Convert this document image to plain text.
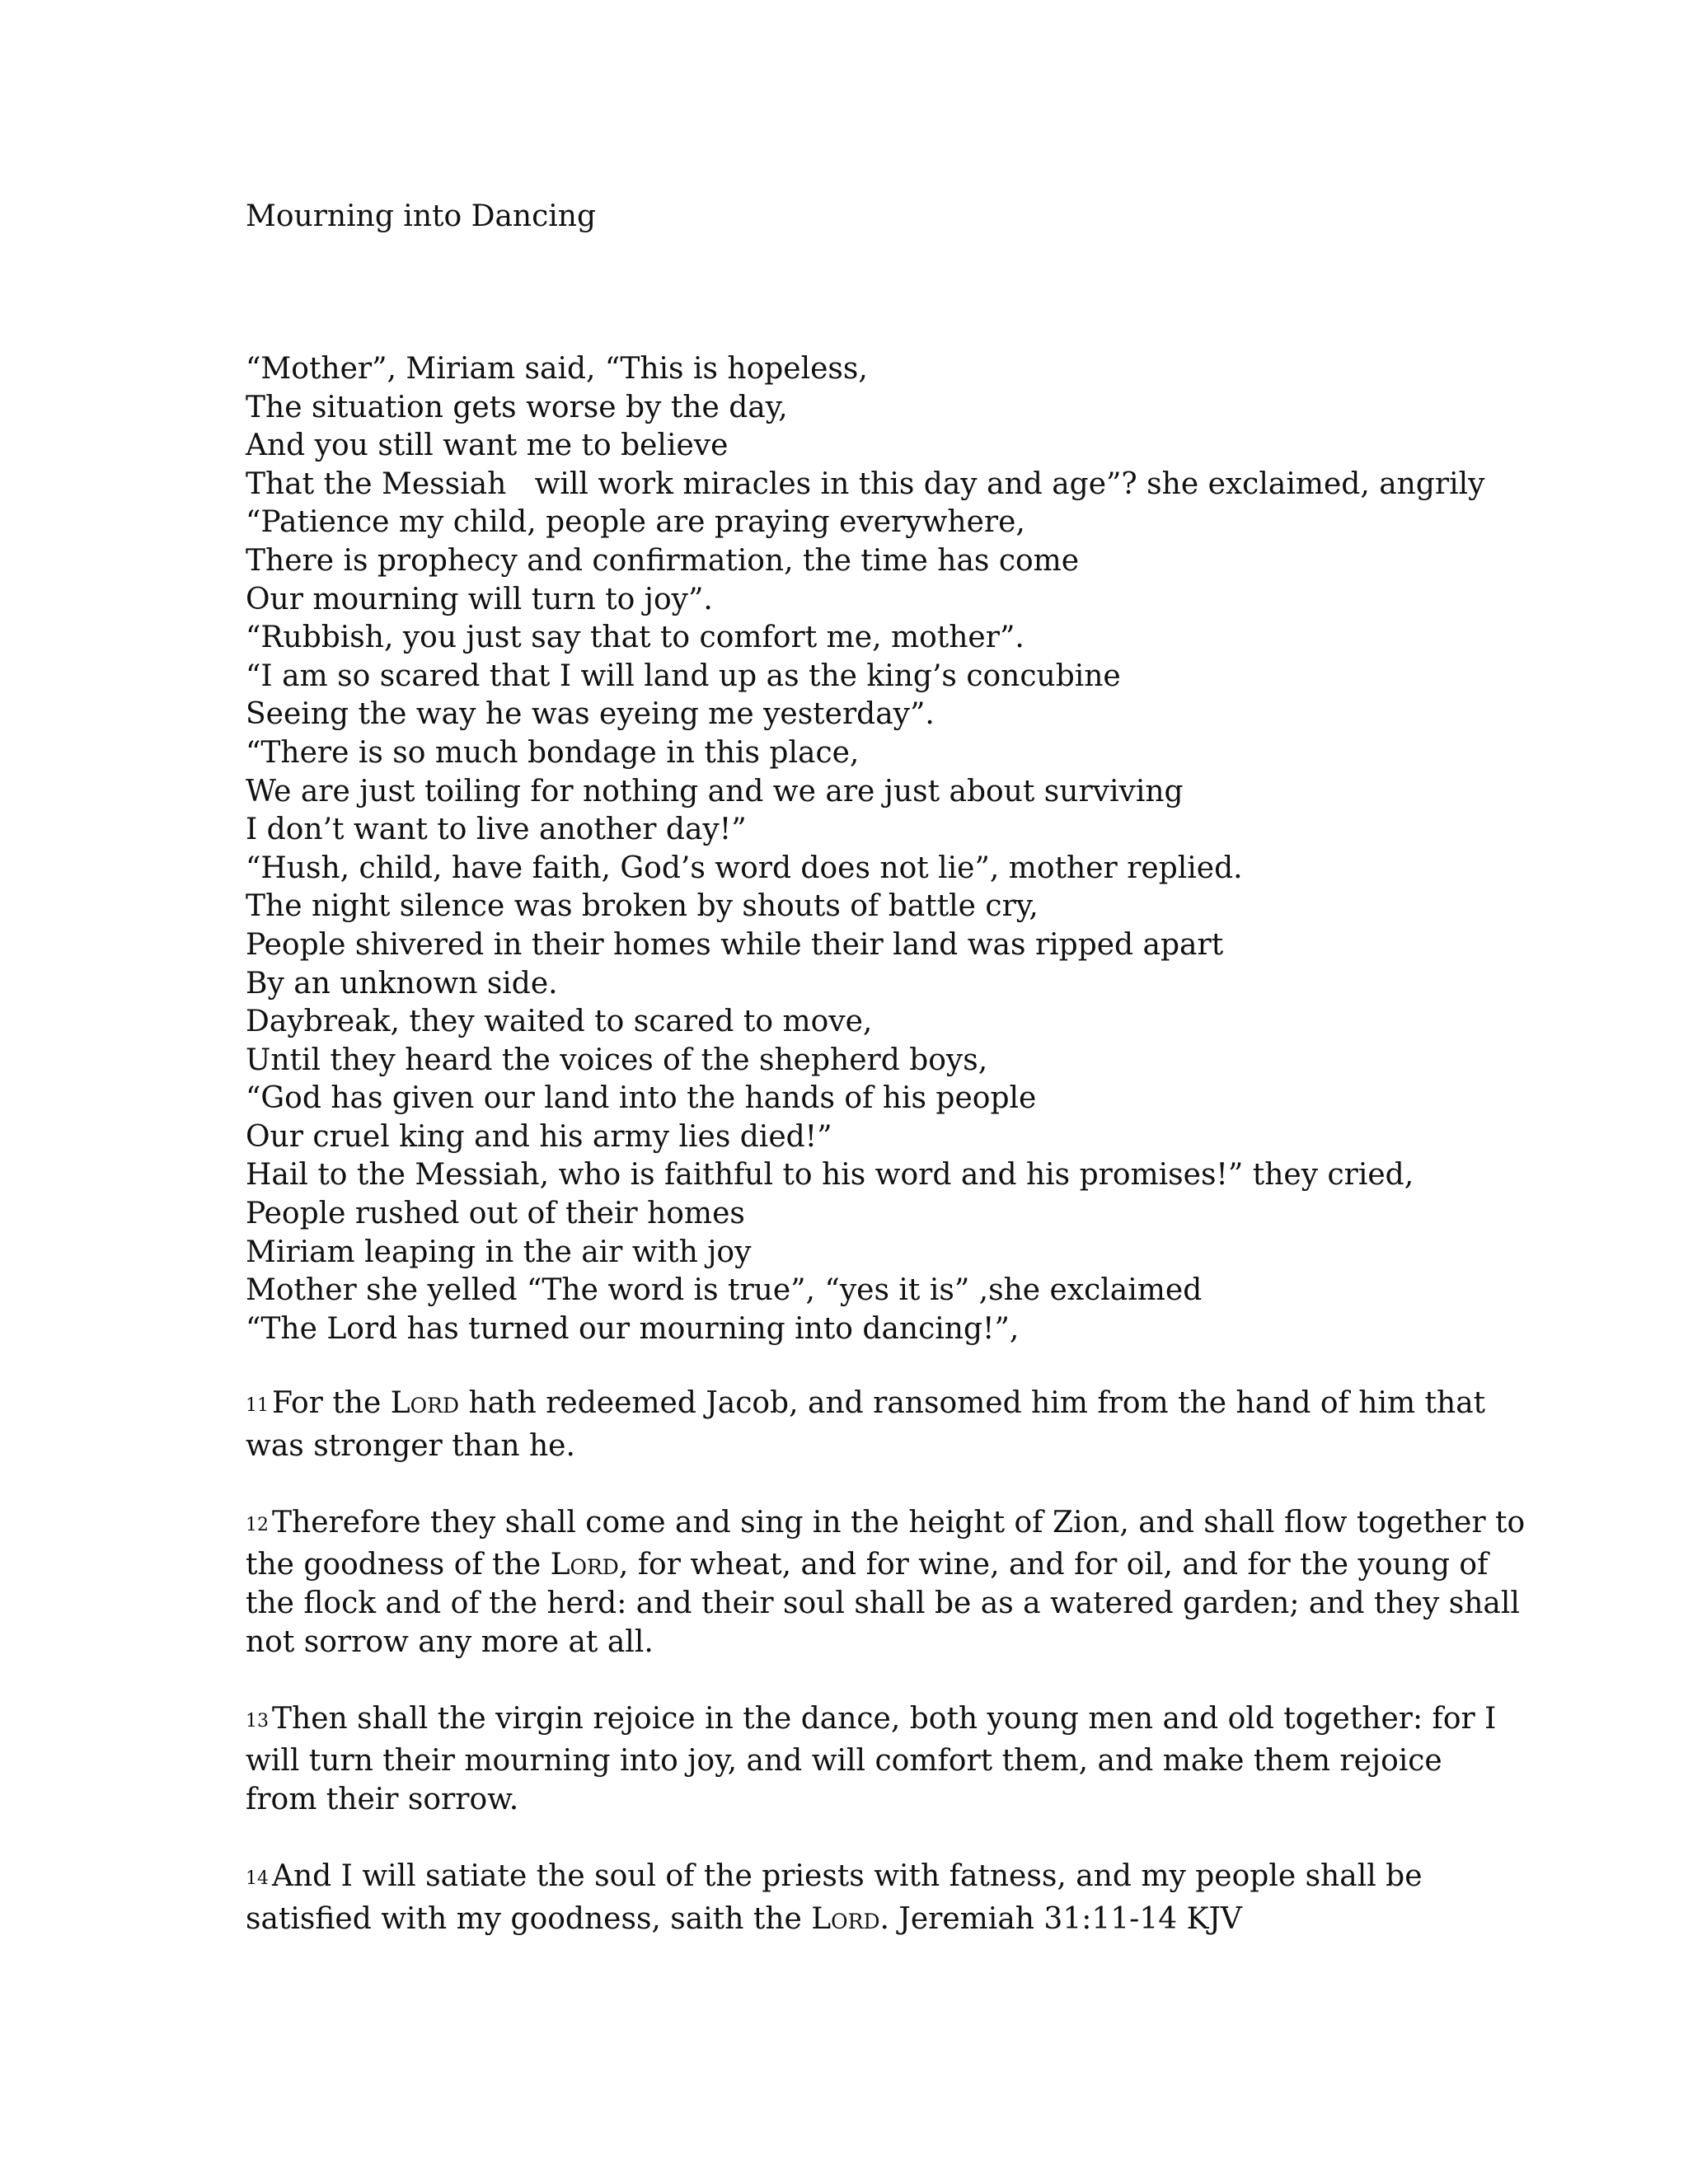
Mourning into Dancing
“Mother”, Miriam said, “This is hopeless,
The situation gets worse by the day,
And you still want me to believe
That the Messiah   will work miracles in this day and age”? she exclaimed, angrily
“Patience my child, people are praying everywhere,
There is prophecy and confirmation, the time has come
Our mourning will turn to joy”.
“Rubbish, you just say that to comfort me, mother”.
“I am so scared that I will land up as the king’s concubine
Seeing the way he was eyeing me yesterday”.
“There is so much bondage in this place,
We are just toiling for nothing and we are just about surviving
I don’t want to live another day!”
“Hush, child, have faith, God’s word does not lie”, mother replied.
The night silence was broken by shouts of battle cry,
People shivered in their homes while their land was ripped apart
By an unknown side.
Daybreak, they waited to scared to move,
Until they heard the voices of the shepherd boys,
“God has given our land into the hands of his people
Our cruel king and his army lies died!”
Hail to the Messiah, who is faithful to his word and his promises!” they cried,
People rushed out of their homes
Miriam leaping in the air with joy
Mother she yelled “The word is true”, “yes it is” ,she exclaimed
“The Lord has turned our mourning into dancing!”,
11 For the Lord hath redeemed Jacob, and ransomed him from the hand of him that
was stronger than he.
12 Therefore they shall come and sing in the height of Zion, and shall flow together to
the goodness of the Lord, for wheat, and for wine, and for oil, and for the young of
the flock and of the herd: and their soul shall be as a watered garden; and they shall
not sorrow any more at all.
13 Then shall the virgin rejoice in the dance, both young men and old together: for I
will turn their mourning into joy, and will comfort them, and make them rejoice
from their sorrow.
14 And I will satiate the soul of the priests with fatness, and my people shall be
satisfied with my goodness, saith the Lord. Jeremiah 31:11-14 KJV
